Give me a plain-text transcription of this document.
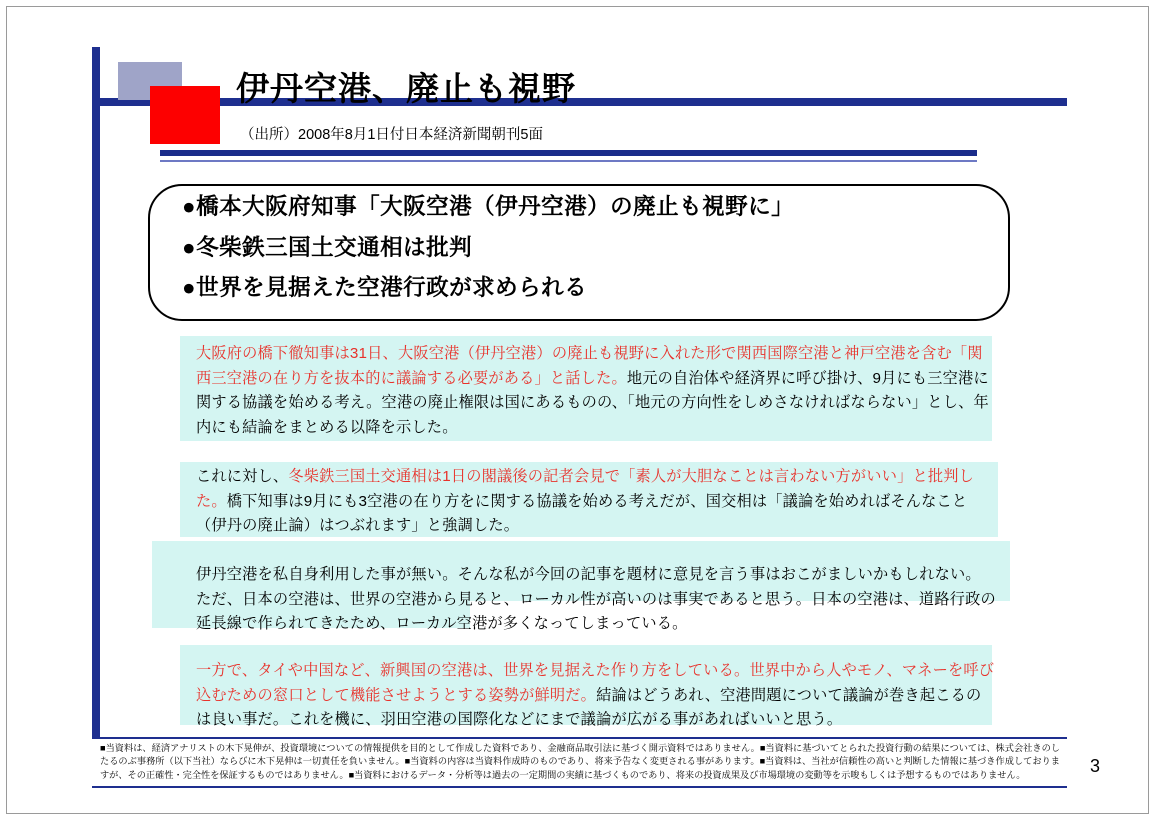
伊丹空港、廃止も視野
（出所）2008年8月1日付日本経済新聞朝刊5面
●橋本大阪府知事「大阪空港（伊丹空港）の廃止も視野に」
●冬柴鉄三国土交通相は批判
●世界を見据えた空港行政が求められる
大阪府の橋下徹知事は31日、大阪空港（伊丹空港）の廃止も視野に入れた形で関西国際空港と神戸空港を含む「関西三空港の在り方を抜本的に議論する必要がある」と話した。地元の自治体や経済界に呼び掛け、9月にも三空港に関する協議を始める考え。空港の廃止権限は国にあるものの、「地元の方向性をしめさなければならない」とし、年内にも結論をまとめる以降を示した。
これに対し、冬柴鉄三国土交通相は1日の閣議後の記者会見で「素人が大胆なことは言わない方がいい」と批判した。橋下知事は9月にも3空港の在り方をに関する協議を始める考えだが、国交相は「議論を始めればそんなこと（伊丹の廃止論）はつぶれます」と強調した。
伊丹空港を私自身利用した事が無い。そんな私が今回の記事を題材に意見を言う事はおこがましいかもしれない。ただ、日本の空港は、世界の空港から見ると、ローカル性が高いのは事実であると思う。日本の空港は、道路行政の延長線で作られてきたため、ローカル空港が多くなってしまっている。
一方で、タイや中国など、新興国の空港は、世界を見据えた作り方をしている。世界中から人やモノ、マネーを呼び込むための窓口として機能させようとする姿勢が鮮明だ。結論はどうあれ、空港問題について議論が巻き起こるのは良い事だ。これを機に、羽田空港の国際化などにまで議論が広がる事があればいいと思う。
■当資料は、経済アナリストの木下晃伸が、投資環境についての情報提供を目的として作成した資料であり、金融商品取引法に基づく開示資料ではありません。■当資料に基づいてとられた投資行動の結果については、株式会社きのしたるのぶ事務所（以下当社）ならびに木下晃伸は一切責任を負いません。■当資料の内容は当資料作成時のものであり、将来予告なく変更される事があります。■当資料は、当社が信頼性の高いと判断した情報に基づき作成しておりますが、その正確性・完全性を保証するものではありません。■当資料におけるデータ・分析等は過去の一定期間の実績に基づくものであり、将来の投資成果及び市場環境の変動等を示唆もしくは予想するものではありません。	3
